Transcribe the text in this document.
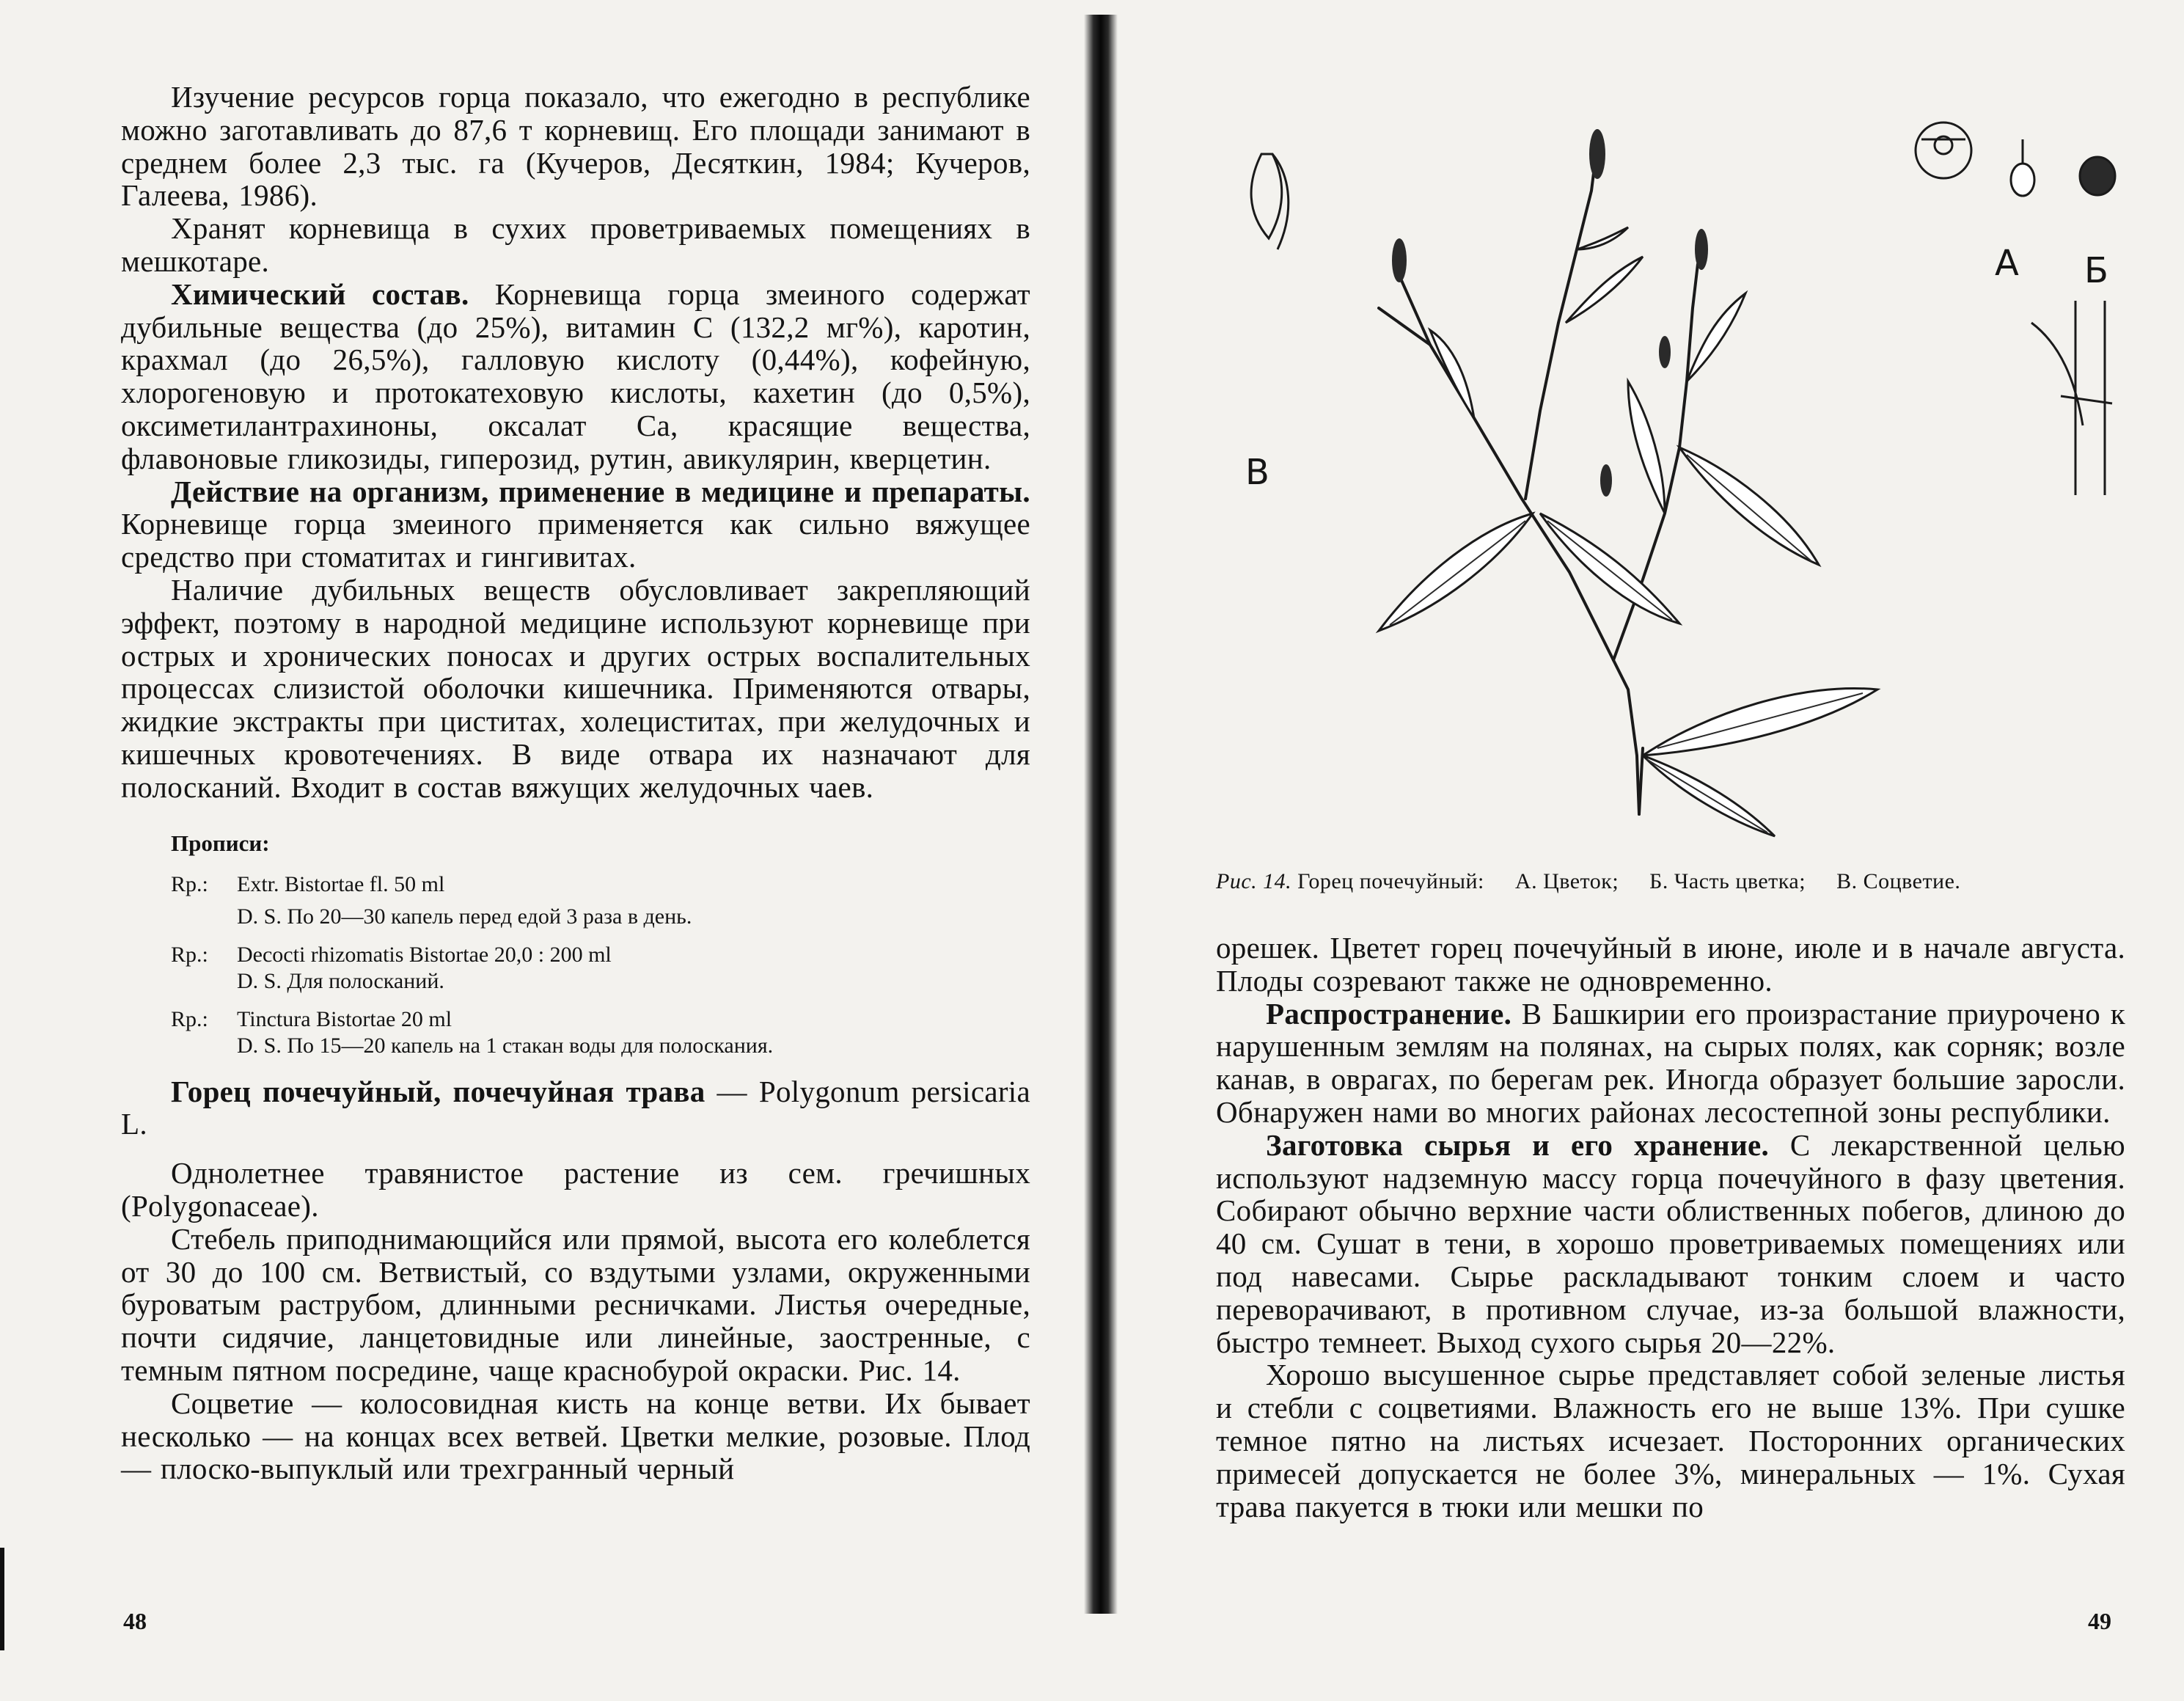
Изучение ресурсов горца показало, что ежегодно в республике можно заготавливать до 87,6 т корневищ. Его площади занимают в среднем более 2,3 тыс. га (Кучеров, Десяткин, 1984; Кучеров, Галеева, 1986).

Хранят корневища в сухих проветриваемых помещениях в мешкотаре.

Химический состав. Корневища горца змеиного содержат дубильные вещества (до 25%), витамин С (132,2 мг%), каротин, крахмал (до 26,5%), галловую кислоту (0,44%), кофейную, хлорогеновую и протокатеховую кислоты, кахетин (до 0,5%), оксиметилантрахиноны, оксалат Са, красящие вещества, флавоновые гликозиды, гиперозид, рутин, авикулярин, кверцетин.

Действие на организм, применение в медицине и препараты. Корневище горца змеиного применяется как сильно вяжущее средство при стоматитах и гингивитах.

Наличие дубильных веществ обусловливает закрепляющий эффект, поэтому в народной медицине используют корневище при острых и хронических поносах и других острых воспалительных процессах слизистой оболочки кишечника. Применяются отвары, жидкие экстракты при циститах, холециститах, при желудочных и кишечных кровотечениях. В виде отвара их назначают для полосканий. Входит в состав вяжущих желудочных чаев.

Прописи:
Rp.:	Extr. Bistortae fl. 50 ml
D. S. По 20—30 капель перед едой 3 раза в день.
Rp.:	Decocti rhizomatis Bistortae 20,0 : 200 ml
D. S. Для полосканий.
Rp.:	Tinctura Bistortae 20 ml
D. S. По 15—20 капель на 1 стакан воды для полоскания.

Горец почечуйный, почечуйная трава — Polygonum persicaria L.

Однолетнее травянистое растение из сем. гречишных (Polygonaceae).

Стебель приподнимающийся или прямой, высота его колеблется от 30 до 100 см. Ветвистый, со вздутыми узлами, окруженными буроватым раструбом, длинными ресничками. Листья очередные, почти сидячие, ланцетовидные или линейные, заостренные, с темным пятном посредине, чаще краснобурой окраски. Рис. 14.

Соцветие — колосовидная кисть на конце ветви. Их бывает несколько — на концах всех ветвей. Цветки мелкие, розовые. Плод — плоско-выпуклый или трехгранный черный

48
А Б
В
Рис. 14. Горец почечуйный: А. Цветок; Б. Часть цветка; В. Соцветие.

орешек. Цветет горец почечуйный в июне, июле и в начале августа. Плоды созревают также не одновременно.

Распространение. В Башкирии его произрастание приурочено к нарушенным землям на полянах, на сырых полях, как сорняк; возле канав, в оврагах, по берегам рек. Иногда образует большие заросли. Обнаружен нами во многих районах лесостепной зоны республики.

Заготовка сырья и его хранение. С лекарственной целью используют надземную массу горца почечуйного в фазу цветения. Собирают обычно верхние части облиственных побегов, длиною до 40 см. Сушат в тени, в хорошо проветриваемых помещениях или под навесами. Сырье раскладывают тонким слоем и часто переворачивают, в противном случае, из-за большой влажности, быстро темнеет. Выход сухого сырья 20—22%.

Хорошо высушенное сырье представляет собой зеленые листья и стебли с соцветиями. Влажность его не выше 13%. При сушке темное пятно на листьях исчезает. Посторонних органических примесей допускается не более 3%, минеральных — 1%. Сухая трава пакуется в тюки или мешки по

49
